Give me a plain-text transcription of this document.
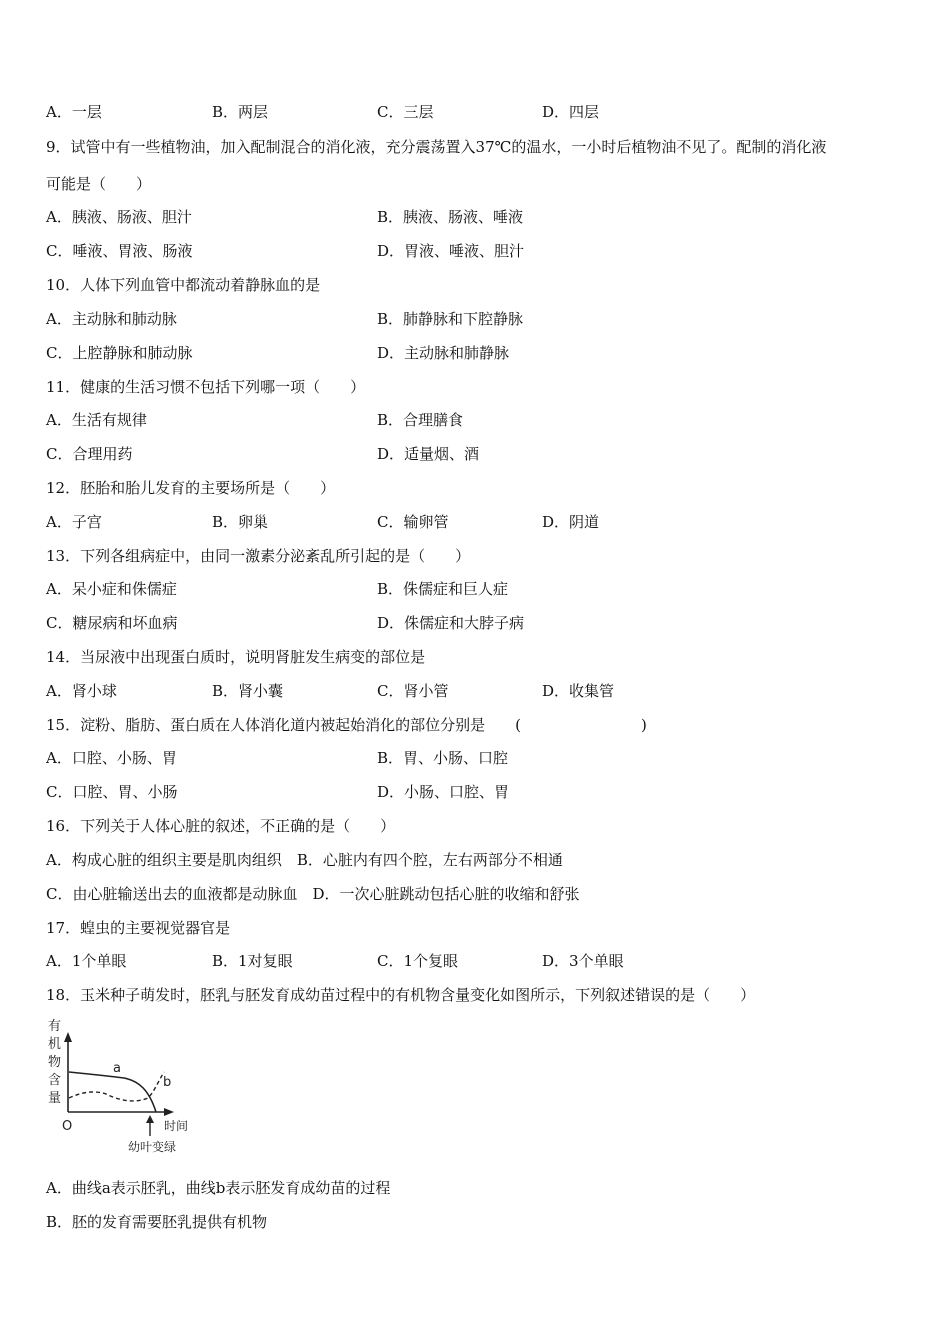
A．一层	B．两层	C．三层	D．四层
9．试管中有一些植物油，加入配制混合的消化液，充分震荡置入37℃的温水，一小时后植物油不见了。配制的消化液
可能是（　　）
A．胰液、肠液、胆汁	B．胰液、肠液、唾液
C．唾液、胃液、肠液	D．胃液、唾液、胆汁
10．人体下列血管中都流动着静脉血的是
A．主动脉和肺动脉	B．肺静脉和下腔静脉
C．上腔静脉和肺动脉	D．主动脉和肺静脉
11．健康的生活习惯不包括下列哪一项（　　）
A．生活有规律	B．合理膳食
C．合理用药	D．适量烟、酒
12．胚胎和胎儿发育的主要场所是（　　）
A．子宫	B．卵巢	C．输卵管	D．阴道
13．下列各组病症中，由同一激素分泌紊乱所引起的是（　　）
A．呆小症和侏儒症	B．侏儒症和巨人症
C．糖尿病和坏血病	D．侏儒症和大脖子病
14．当尿液中出现蛋白质时，说明肾脏发生病变的部位是
A．肾小球	B．肾小囊	C．肾小管	D．收集管
15．淀粉、脂肪、蛋白质在人体消化道内被起始消化的部位分别是　　(　　　　　　　　)
A．口腔、小肠、胃	B．胃、小肠、口腔
C．口腔、胃、小肠	D．小肠、口腔、胃
16．下列关于人体心脏的叙述，不正确的是（　　）
A．构成心脏的组织主要是肌肉组织　B．心脏内有四个腔，左右两部分不相通
C．由心脏输送出去的血液都是动脉血　D．一次心脏跳动包括心脏的收缩和舒张
17．蝗虫的主要视觉器官是
A．1个单眼	B．1对复眼	C．1个复眼	D．3个单眼
18．玉米种子萌发时，胚乳与胚发育成幼苗过程中的有机物含量变化如图所示，下列叙述错误的是（　　）
有
机
物
含
量
O	时间
a
b
幼叶变绿
A．曲线a表示胚乳，曲线b表示胚发育成幼苗的过程
B．胚的发育需要胚乳提供有机物
